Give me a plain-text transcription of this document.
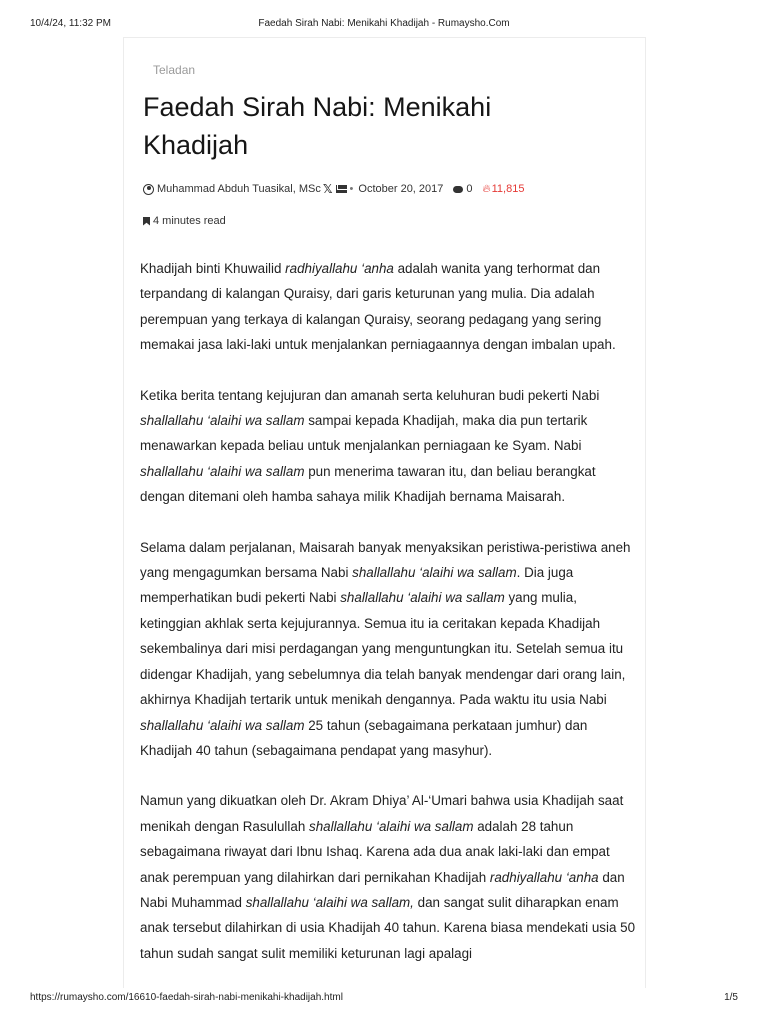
10/4/24, 11:32 PM	Faedah Sirah Nabi: Menikahi Khadijah - Rumaysho.Com
Teladan
Faedah Sirah Nabi: Menikahi Khadijah
Muhammad Abduh Tuasikal, MSc 𝕏 • October 20, 2017 0 🔥︎ 11,815
4 minutes read

Khadijah binti Khuwailid radhiyallahu ‘anha adalah wanita yang terhormat dan terpandang di kalangan Quraisy, dari garis keturunan yang mulia. Dia adalah perempuan yang terkaya di kalangan Quraisy, seorang pedagang yang sering memakai jasa laki-laki untuk menjalankan perniagaannya dengan imbalan upah.

Ketika berita tentang kejujuran dan amanah serta keluhuran budi pekerti Nabi shallallahu ‘alaihi wa sallam sampai kepada Khadijah, maka dia pun tertarik menawarkan kepada beliau untuk menjalankan perniagaan ke Syam. Nabi shallallahu ‘alaihi wa sallam pun menerima tawaran itu, dan beliau berangkat dengan ditemani oleh hamba sahaya milik Khadijah bernama Maisarah.

Selama dalam perjalanan, Maisarah banyak menyaksikan peristiwa-peristiwa aneh yang mengagumkan bersama Nabi shallallahu ‘alaihi wa sallam. Dia juga memperhatikan budi pekerti Nabi shallallahu ‘alaihi wa sallam yang mulia, ketinggian akhlak serta kejujurannya. Semua itu ia ceritakan kepada Khadijah sekembalinya dari misi perdagangan yang menguntungkan itu. Setelah semua itu didengar Khadijah, yang sebelumnya dia telah banyak mendengar dari orang lain, akhirnya Khadijah tertarik untuk menikah dengannya. Pada waktu itu usia Nabi shallallahu ‘alaihi wa sallam 25 tahun (sebagaimana perkataan jumhur) dan Khadijah 40 tahun (sebagaimana pendapat yang masyhur).

Namun yang dikuatkan oleh Dr. Akram Dhiya’ Al-‘Umari bahwa usia Khadijah saat menikah dengan Rasulullah shallallahu ‘alaihi wa sallam adalah 28 tahun sebagaimana riwayat dari Ibnu Ishaq. Karena ada dua anak laki-laki dan empat anak perempuan yang dilahirkan dari pernikahan Khadijah radhiyallahu ‘anha dan Nabi Muhammad shallallahu ‘alaihi wa sallam, dan sangat sulit diharapkan enam anak tersebut dilahirkan di usia Khadijah 40 tahun. Karena biasa mendekati usia 50 tahun sudah sangat sulit memiliki keturunan lagi apalagi

https://rumaysho.com/16610-faedah-sirah-nabi-menikahi-khadijah.html	1/5
